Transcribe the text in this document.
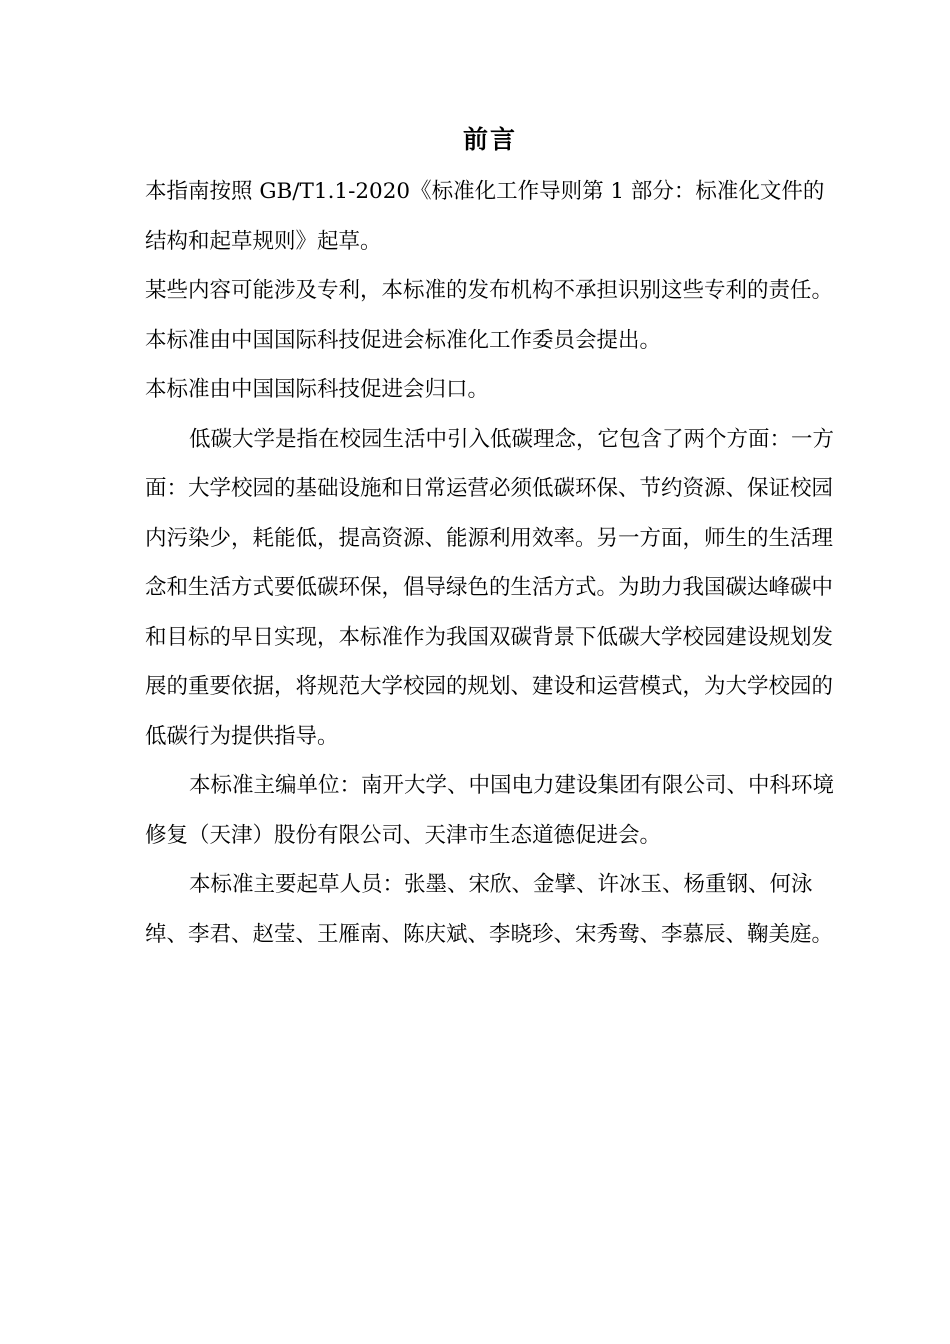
前言

本指南按照 GB/T1.1-2020《标准化工作导则第 1 部分：标准化文件的结构和起草规则》起草。

某些内容可能涉及专利，本标准的发布机构不承担识别这些专利的责任。

本标准由中国国际科技促进会标准化工作委员会提出。

本标准由中国国际科技促进会归口。

低碳大学是指在校园生活中引入低碳理念，它包含了两个方面：一方面：大学校园的基础设施和日常运营必须低碳环保、节约资源、保证校园内污染少，耗能低，提高资源、能源利用效率。另一方面，师生的生活理念和生活方式要低碳环保，倡导绿色的生活方式。为助力我国碳达峰碳中和目标的早日实现，本标准作为我国双碳背景下低碳大学校园建设规划发展的重要依据，将规范大学校园的规划、建设和运营模式，为大学校园的低碳行为提供指导。

本标准主编单位：南开大学、中国电力建设集团有限公司、中科环境修复（天津）股份有限公司、天津市生态道德促进会。

本标准主要起草人员：张墨、宋欣、金擘、许冰玉、杨重钢、何泳绰、李君、赵莹、王雁南、陈庆斌、李晓珍、宋秀鸯、李慕辰、鞠美庭。
